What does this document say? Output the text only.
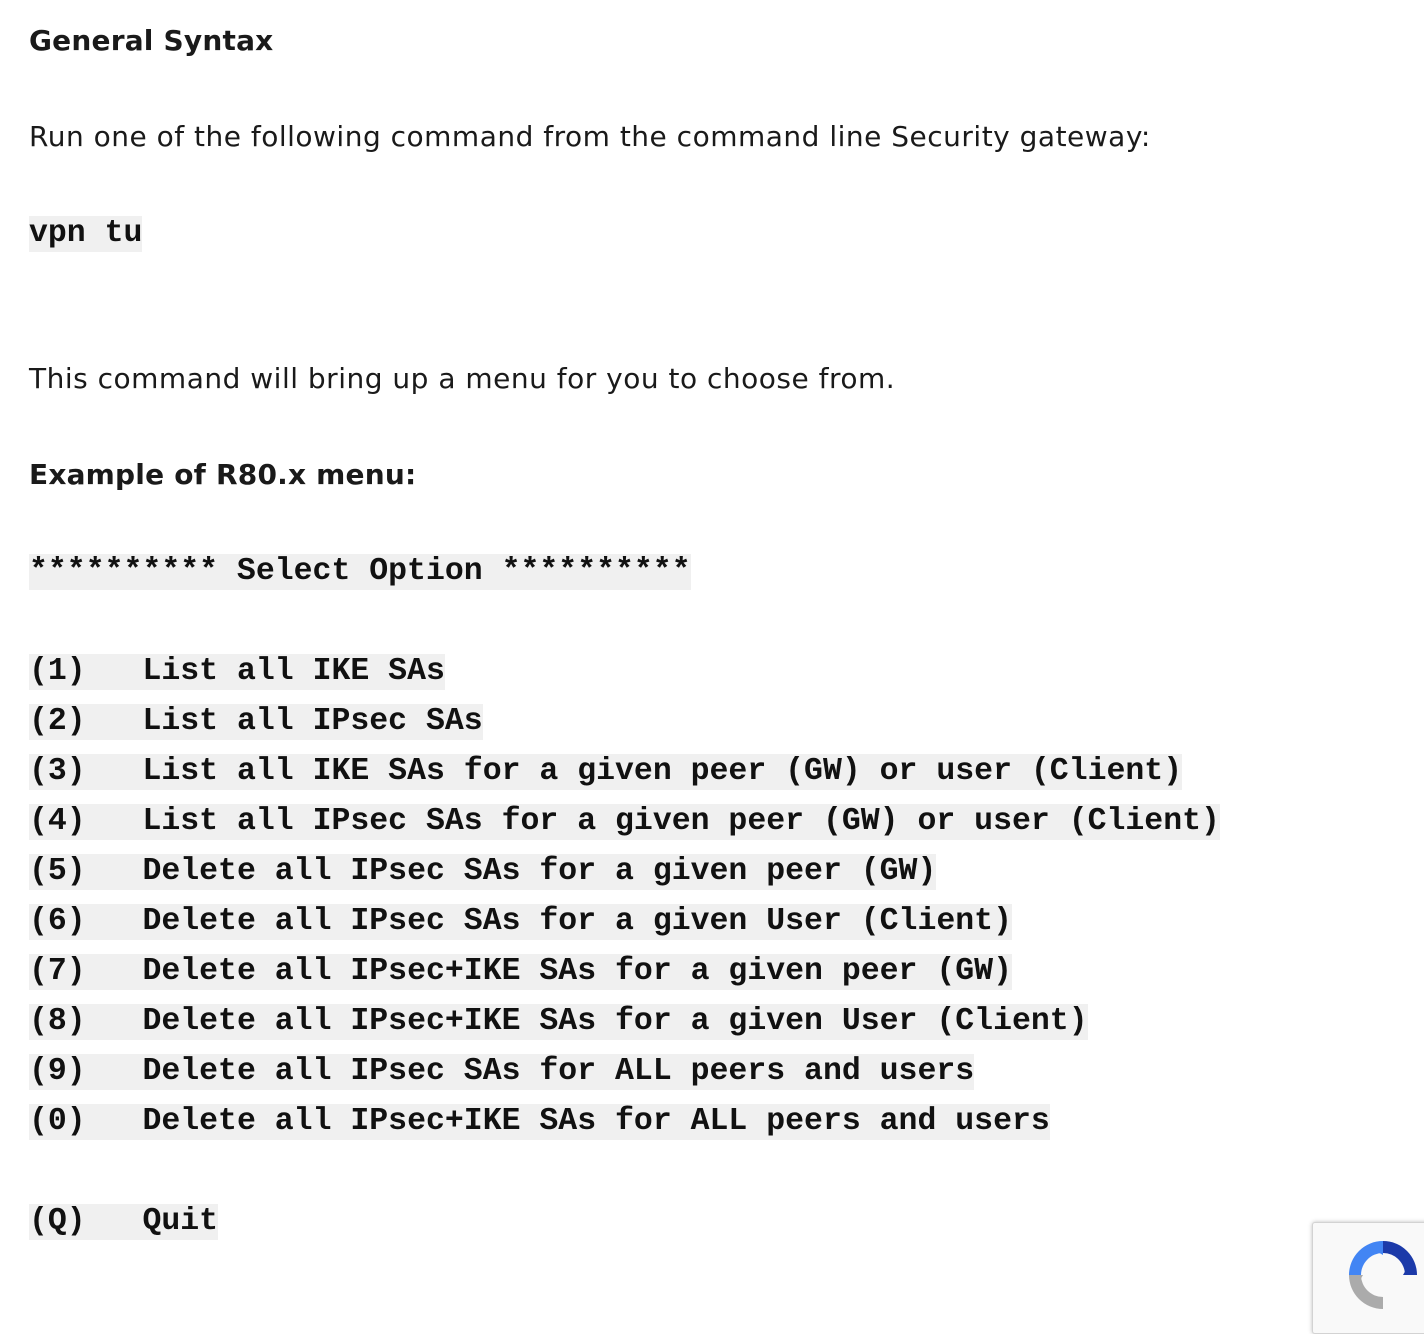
General Syntax
Run one of the following command from the command line Security gateway:
vpn tu
This command will bring up a menu for you to choose from.
Example of R80.x menu:
********** Select Option **********
(1) List all IKE SAs
(2) List all IPsec SAs
(3) List all IKE SAs for a given peer (GW) or user (Client)
(4) List all IPsec SAs for a given peer (GW) or user (Client)
(5) Delete all IPsec SAs for a given peer (GW)
(6) Delete all IPsec SAs for a given User (Client)
(7) Delete all IPsec+IKE SAs for a given peer (GW)
(8) Delete all IPsec+IKE SAs for a given User (Client)
(9) Delete all IPsec SAs for ALL peers and users
(0) Delete all IPsec+IKE SAs for ALL peers and users
(Q) Quit
